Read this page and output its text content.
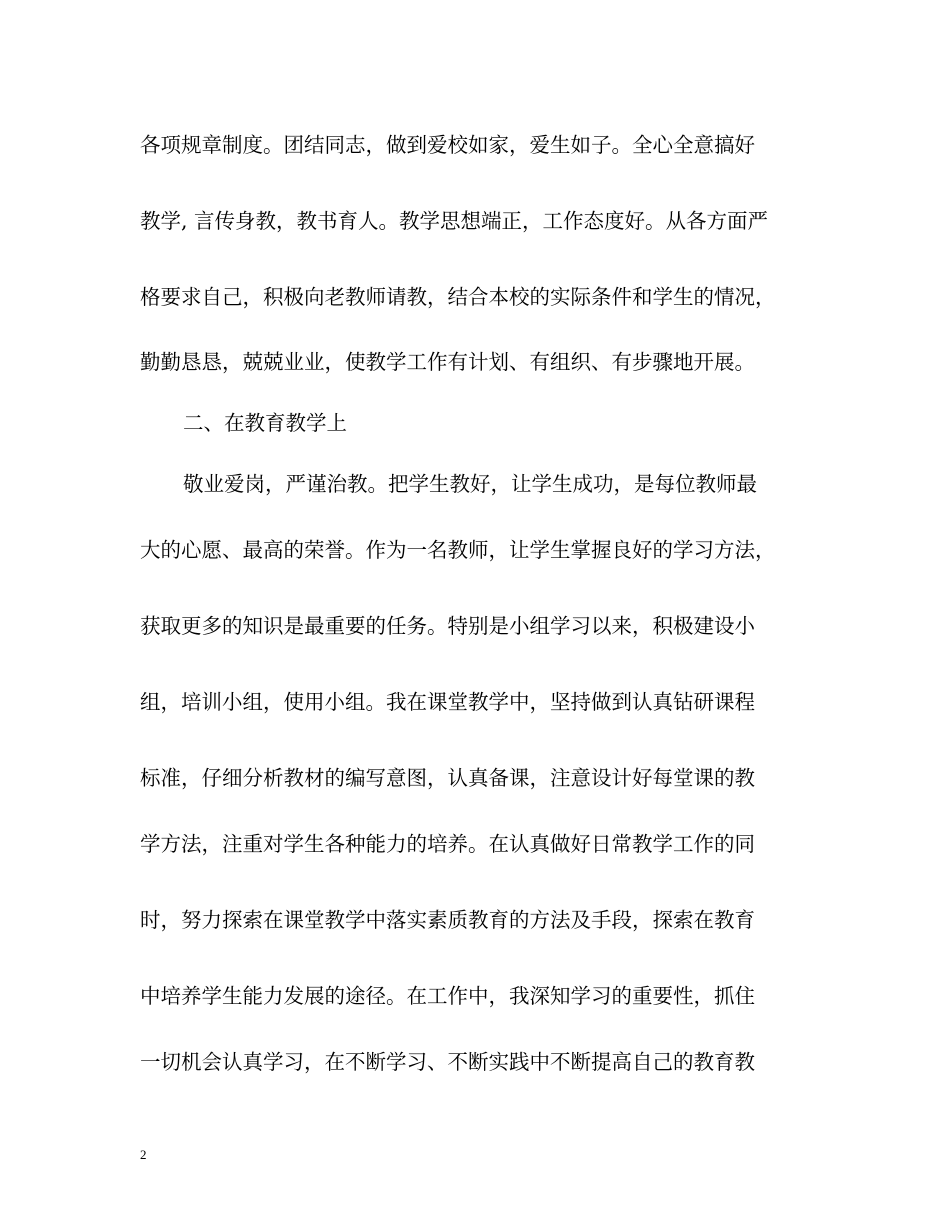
各项规章制度。团结同志，做到爱校如家，爱生如子。全心全意搞好
教学, 言传身教，教书育人。教学思想端正，工作态度好。从各方面严
格要求自己，积极向老教师请教，结合本校的实际条件和学生的情况，
勤勤恳恳，兢兢业业，使教学工作有计划、有组织、有步骤地开展。
二、在教育教学上
敬业爱岗，严谨治教。把学生教好，让学生成功，是每位教师最
大的心愿、最高的荣誉。作为一名教师，让学生掌握良好的学习方法，
获取更多的知识是最重要的任务。特别是小组学习以来，积极建设小
组，培训小组，使用小组。我在课堂教学中，坚持做到认真钻研课程
标准，仔细分析教材的编写意图，认真备课，注意设计好每堂课的教
学方法，注重对学生各种能力的培养。在认真做好日常教学工作的同
时，努力探索在课堂教学中落实素质教育的方法及手段，探索在教育
中培养学生能力发展的途径。在工作中，我深知学习的重要性，抓住
一切机会认真学习，在不断学习、不断实践中不断提高自己的教育教
2
